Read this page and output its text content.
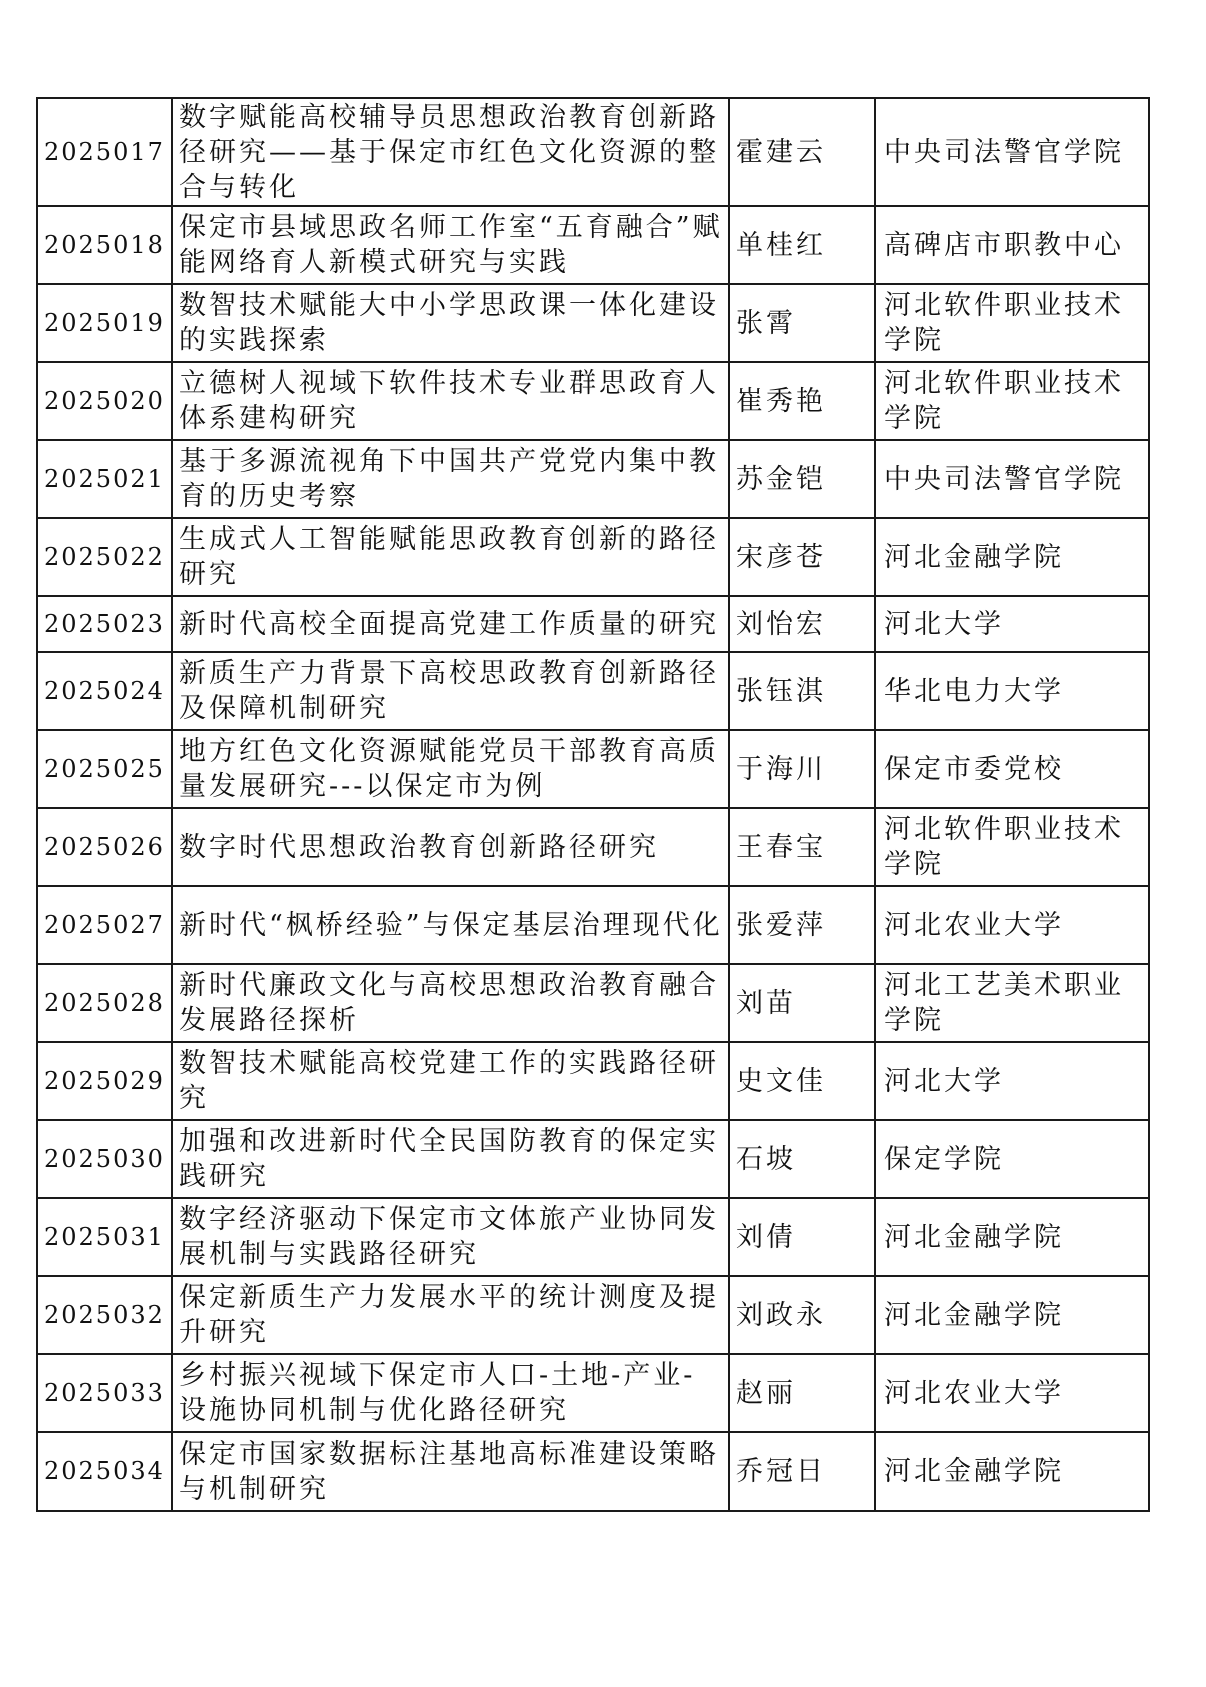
2025017	数字赋能高校辅导员思想政治教育创新路径研究——基于保定市红色文化资源的整合与转化	霍建云	中央司法警官学院
2025018	保定市县域思政名师工作室“五育融合”赋能网络育人新模式研究与实践	单桂红	高碑店市职教中心
2025019	数智技术赋能大中小学思政课一体化建设的实践探索	张霄	河北软件职业技术学院
2025020	立德树人视域下软件技术专业群思政育人体系建构研究	崔秀艳	河北软件职业技术学院
2025021	基于多源流视角下中国共产党党内集中教育的历史考察	苏金铠	中央司法警官学院
2025022	生成式人工智能赋能思政教育创新的路径研究	宋彦苍	河北金融学院
2025023	新时代高校全面提高党建工作质量的研究	刘怡宏	河北大学
2025024	新质生产力背景下高校思政教育创新路径及保障机制研究	张钰淇	华北电力大学
2025025	地方红色文化资源赋能党员干部教育高质量发展研究---以保定市为例	于海川	保定市委党校
2025026	数字时代思想政治教育创新路径研究	王春宝	河北软件职业技术学院
2025027	新时代“枫桥经验”与保定基层治理现代化	张爱萍	河北农业大学
2025028	新时代廉政文化与高校思想政治教育融合发展路径探析	刘苗	河北工艺美术职业学院
2025029	数智技术赋能高校党建工作的实践路径研究	史文佳	河北大学
2025030	加强和改进新时代全民国防教育的保定实践研究	石坡	保定学院
2025031	数字经济驱动下保定市文体旅产业协同发展机制与实践路径研究	刘倩	河北金融学院
2025032	保定新质生产力发展水平的统计测度及提升研究	刘政永	河北金融学院
2025033	乡村振兴视域下保定市人口-土地-产业-设施协同机制与优化路径研究	赵丽	河北农业大学
2025034	保定市国家数据标注基地高标准建设策略与机制研究	乔冠日	河北金融学院
